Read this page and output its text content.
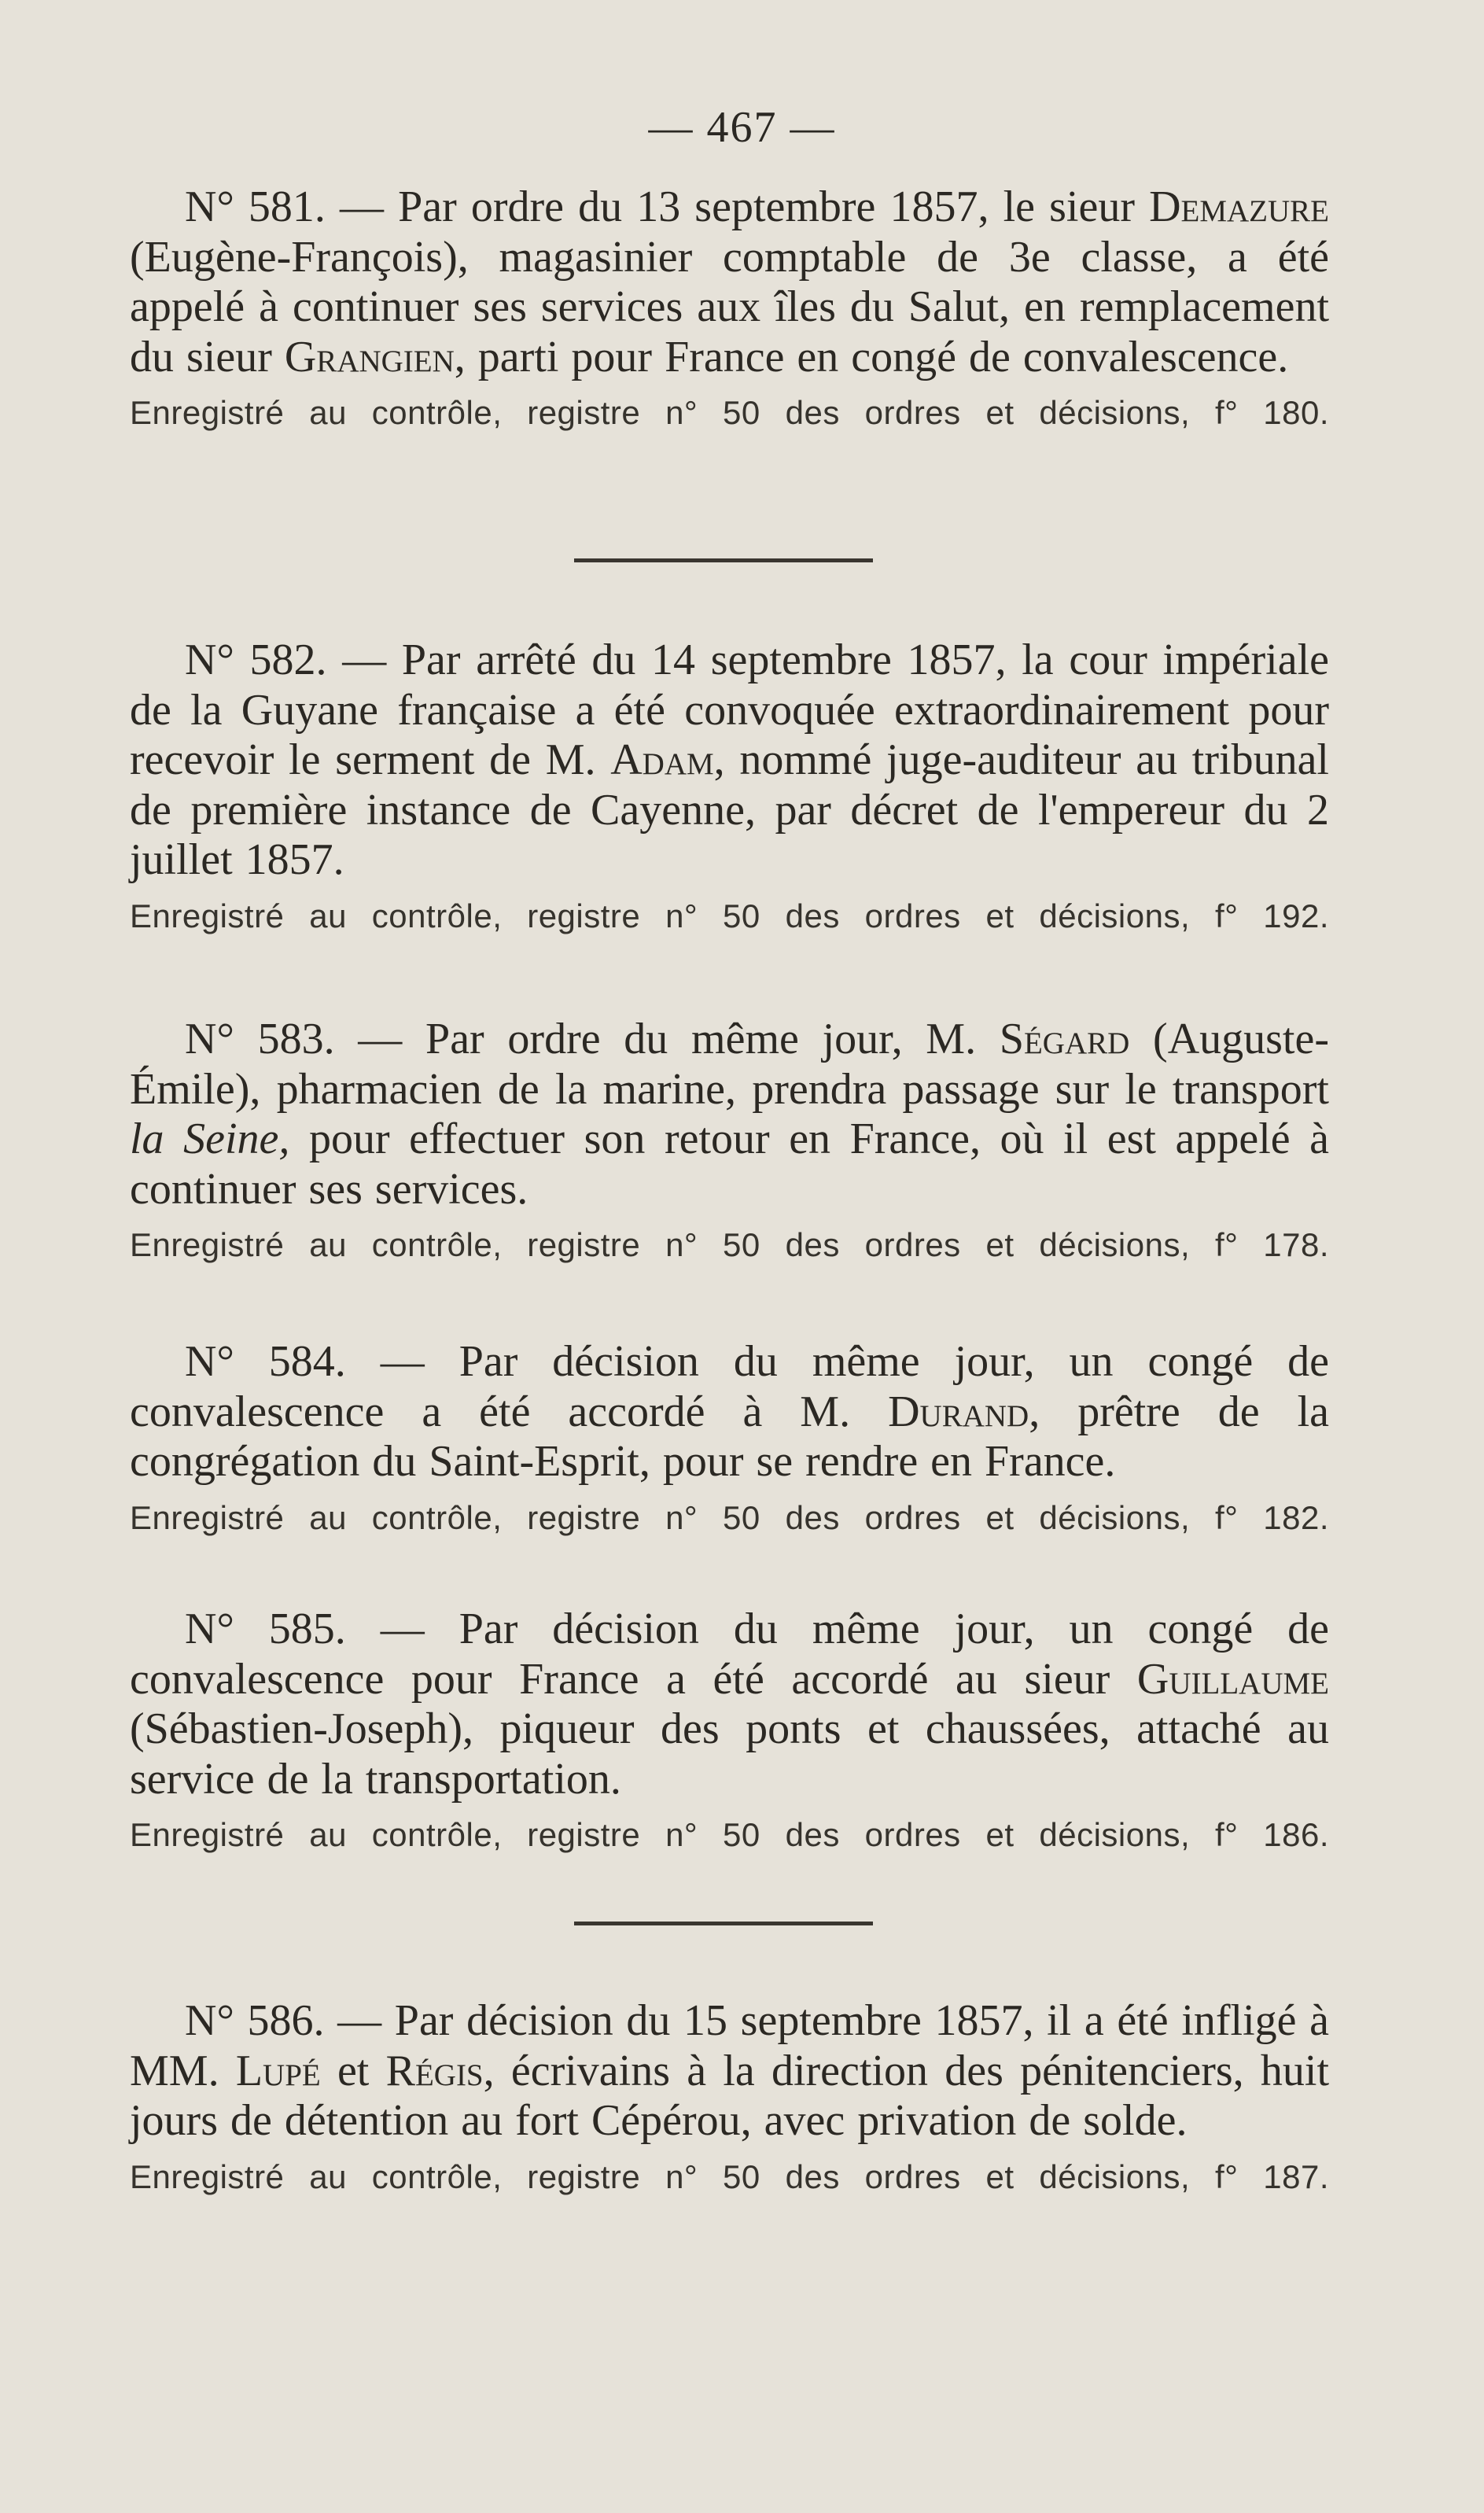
— 467 —

N° 581. — Par ordre du 13 septembre 1857, le sieur Demazure (Eugène-François), magasinier comptable de 3e classe, a été appelé à continuer ses services aux îles du Salut, en remplacement du sieur Grangien, parti pour France en congé de convalescence.

Enregistré au contrôle, registre n° 50 des ordres et décisions, f° 180.

N° 582. — Par arrêté du 14 septembre 1857, la cour impériale de la Guyane française a été convoquée extraordinairement pour recevoir le serment de M. Adam, nommé juge-auditeur au tribunal de première instance de Cayenne, par décret de l'empereur du 2 juillet 1857.

Enregistré au contrôle, registre n° 50 des ordres et décisions, f° 192.

N° 583. — Par ordre du même jour, M. Ségard (Auguste-Émile), pharmacien de la marine, prendra passage sur le transport la Seine, pour effectuer son retour en France, où il est appelé à continuer ses services.

Enregistré au contrôle, registre n° 50 des ordres et décisions, f° 178.

N° 584. — Par décision du même jour, un congé de convalescence a été accordé à M. Durand, prêtre de la congrégation du Saint-Esprit, pour se rendre en France.

Enregistré au contrôle, registre n° 50 des ordres et décisions, f° 182.

N° 585. — Par décision du même jour, un congé de convalescence pour France a été accordé au sieur Guillaume (Sébastien-Joseph), piqueur des ponts et chaussées, attaché au service de la transportation.

Enregistré au contrôle, registre n° 50 des ordres et décisions, f° 186.

N° 586. — Par décision du 15 septembre 1857, il a été infligé à MM. Lupé et Régis, écrivains à la direction des pénitenciers, huit jours de détention au fort Cépérou, avec privation de solde.

Enregistré au contrôle, registre n° 50 des ordres et décisions, f° 187.
